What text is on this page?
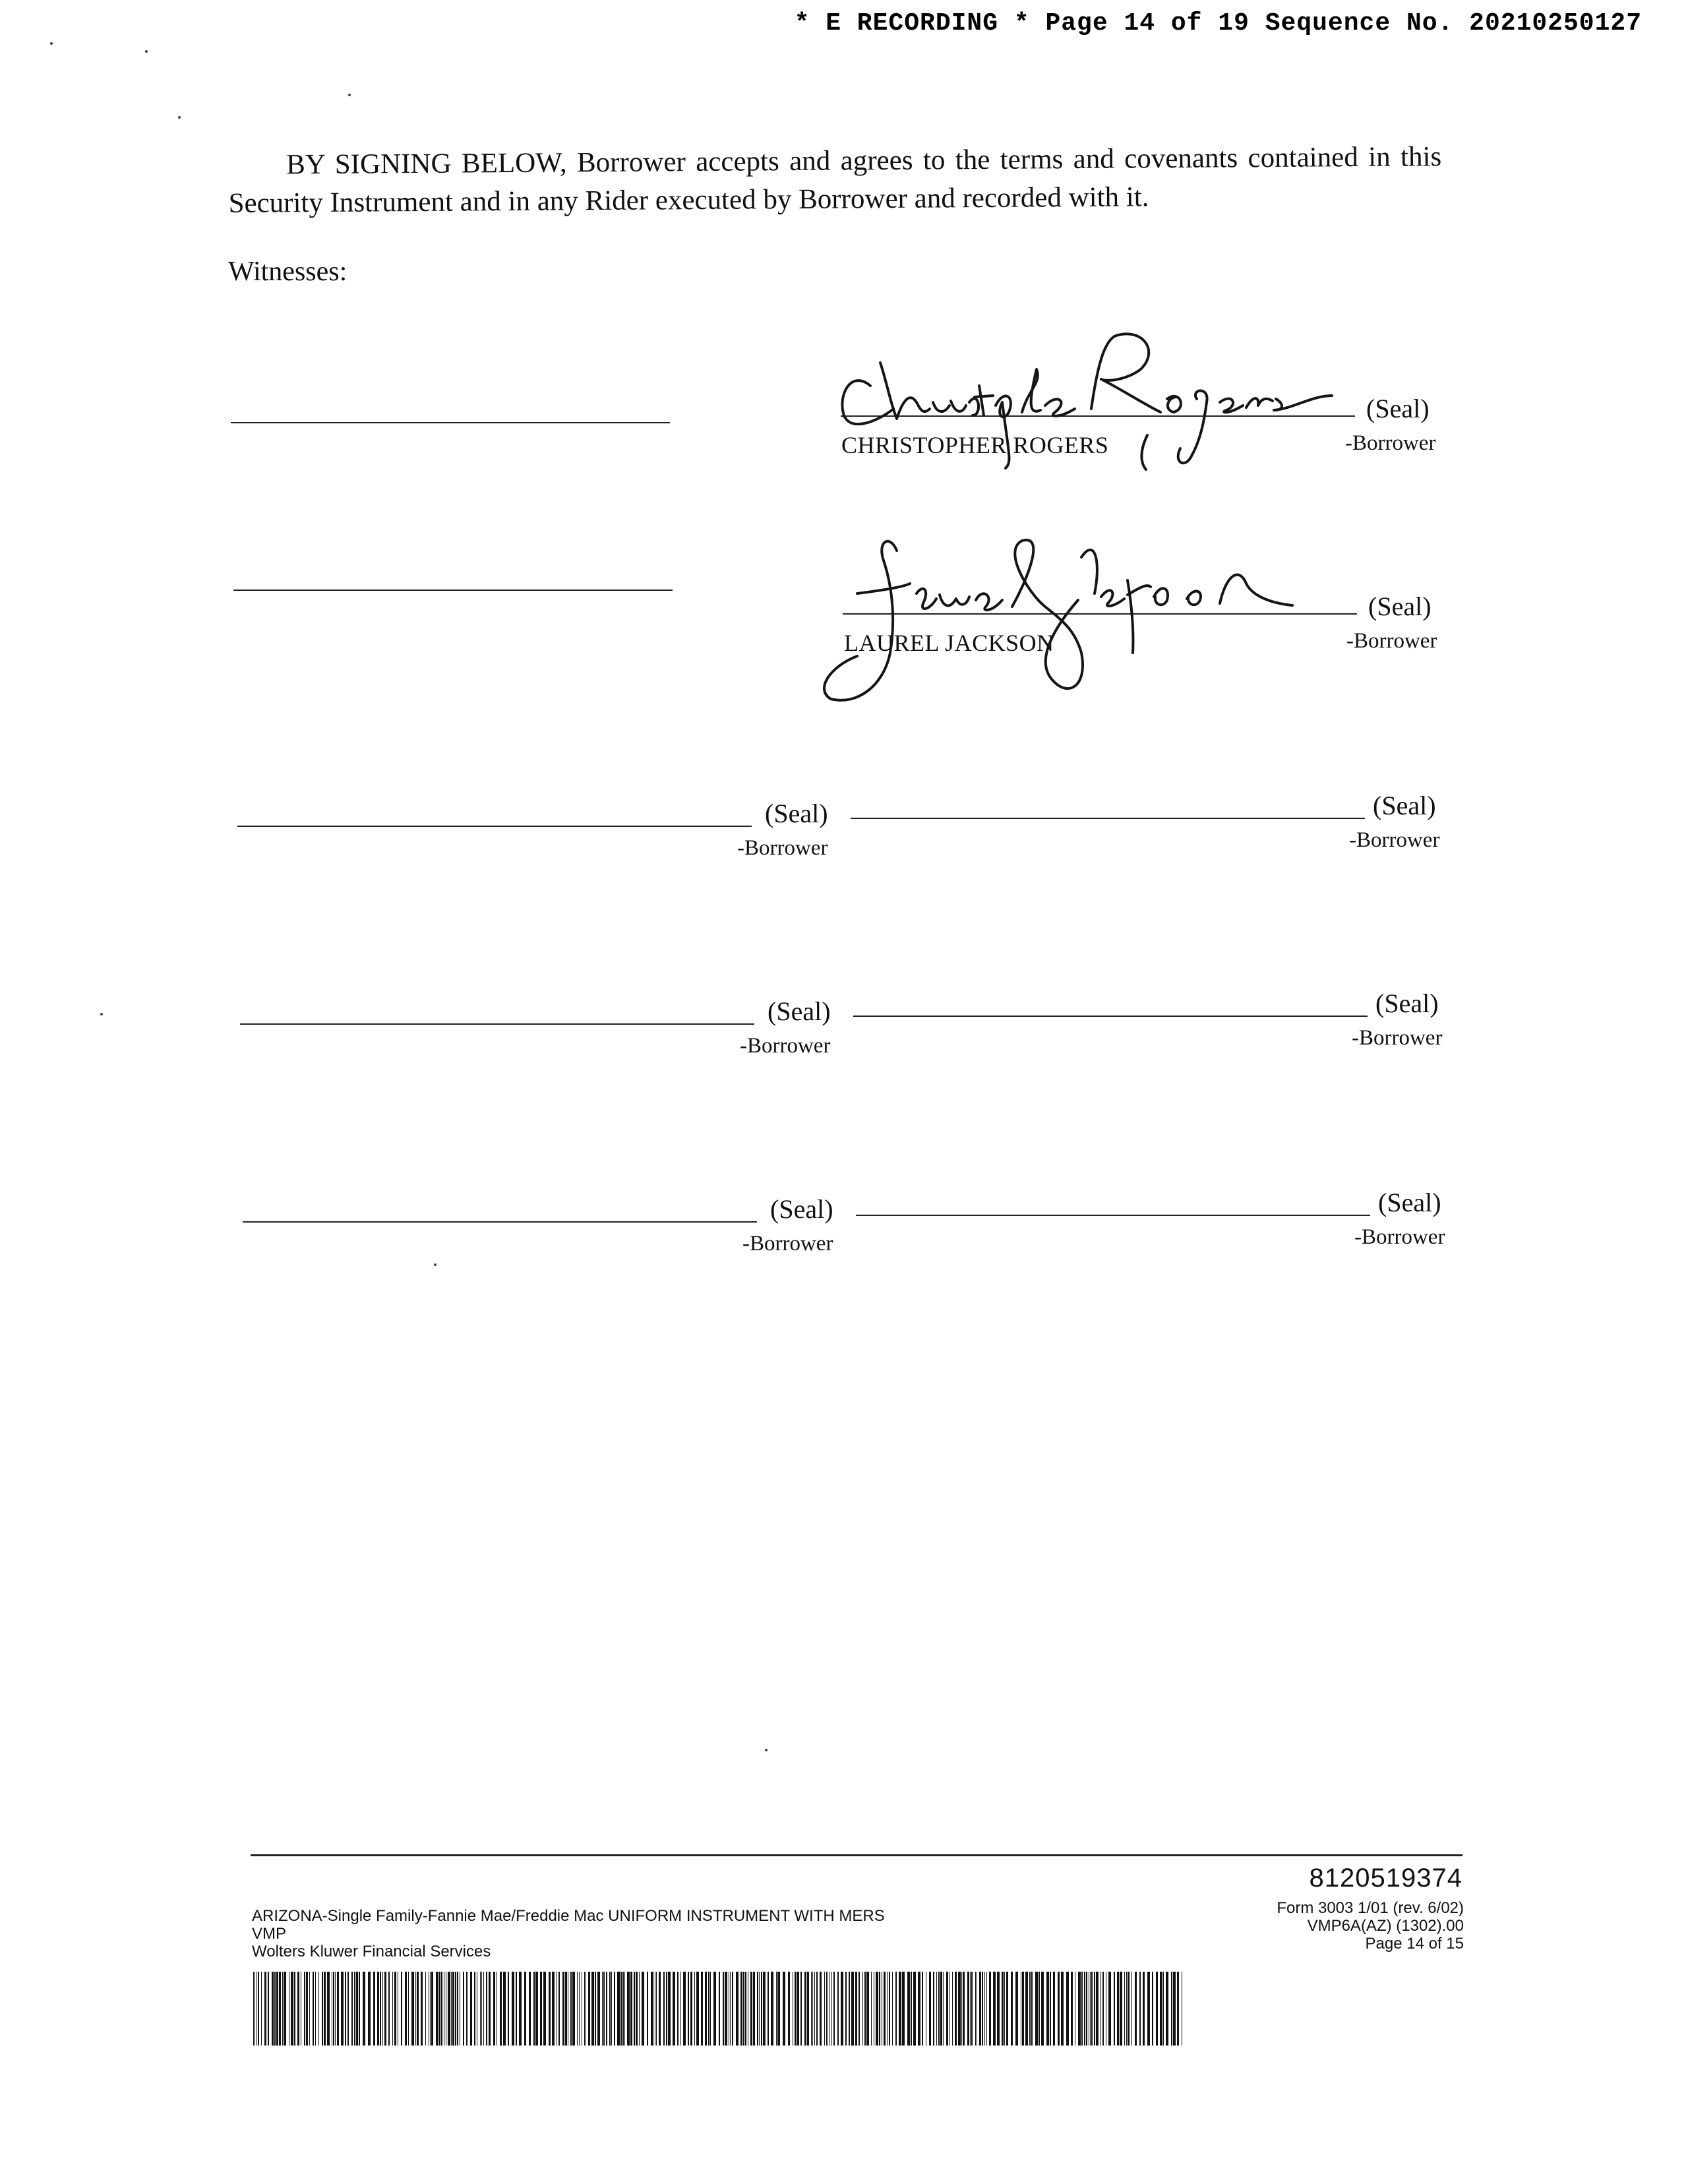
* E RECORDING * Page 14 of 19 Sequence No. 20210250127
BY SIGNING BELOW, Borrower accepts and agrees to the terms and covenants contained in this Security Instrument and in any Rider executed by Borrower and recorded with it.
Witnesses:
(Seal)
-Borrower
CHRISTOPHER ROGERS
(Seal)
-Borrower
LAUREL JACKSON
(Seal)
-Borrower
(Seal)
-Borrower
(Seal)
-Borrower
(Seal)
-Borrower
(Seal)
-Borrower
(Seal)
-Borrower
8120519374
ARIZONA-Single Family-Fannie Mae/Freddie Mac UNIFORM INSTRUMENT WITH MERS
VMP
Wolters Kluwer Financial Services
Form 3003 1/01 (rev. 6/02)
VMP6A(AZ) (1302).00
Page 14 of 15
